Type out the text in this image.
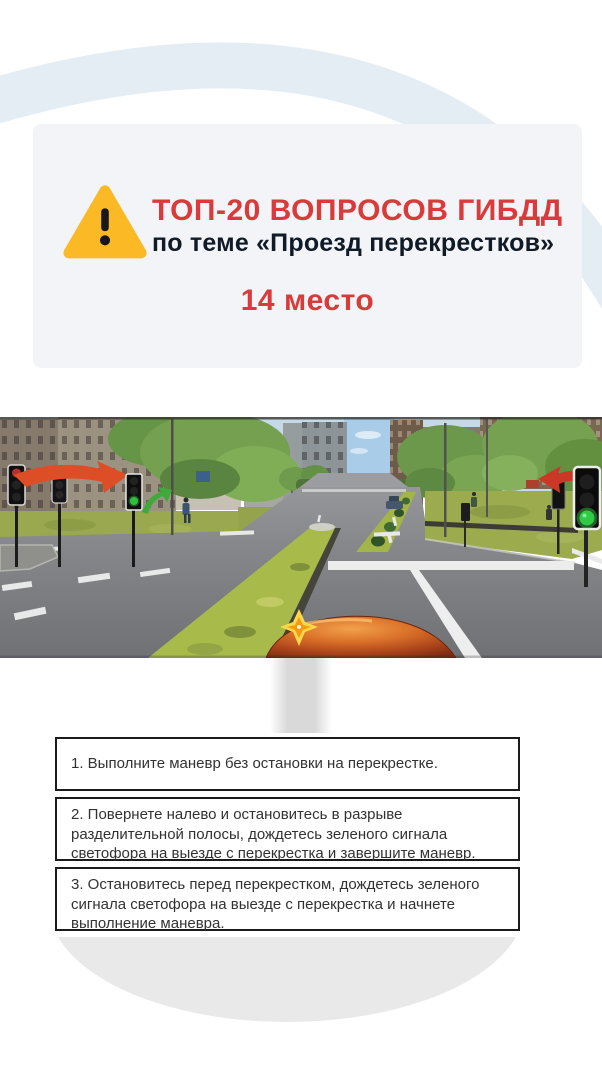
ТОП-20 ВОПРОСОВ ГИБДД
по теме «Проезд перекрестков»
14 место
1. Выполните маневр без остановки на перекрестке.
2. Повернете налево и остановитесь в разрыве разделительной полосы, дождетесь зеленого сигнала светофора на выезде с перекрестка и завершите маневр.
3. Остановитесь перед перекрестком, дождетесь зеленого сигнала светофора на выезде с перекрестка и начнете выполнение маневра.
